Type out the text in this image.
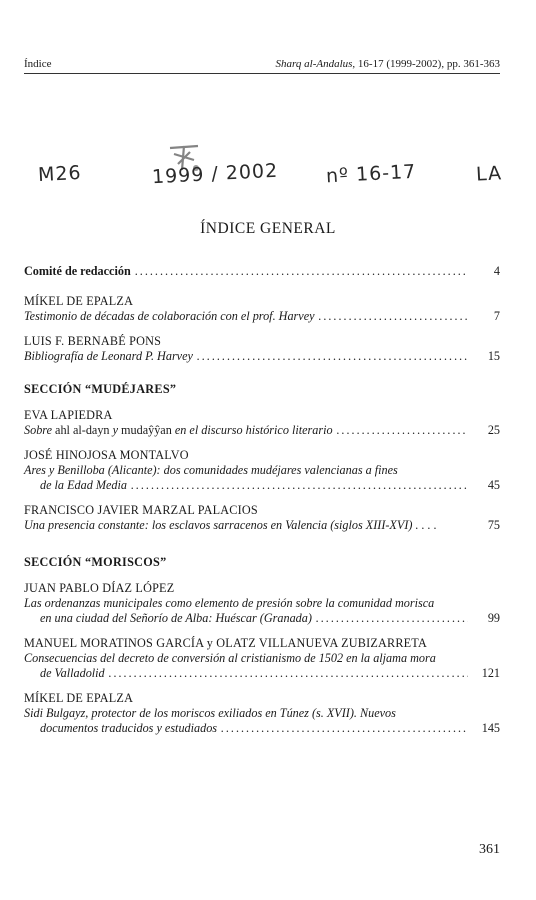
Índice	Sharq al-Andalus, 16-17 (1999-2002), pp. 361-363
M26	1999 / 2002 nº 16-17	LA
ÍNDICE GENERAL
Comité de redacción .....	4
MÍKEL DE EPALZA
Testimonio de décadas de colaboración con el prof. Harvey .....	7
LUIS F. BERNABÉ PONS
Bibliografía de Leonard P. Harvey .....	15
SECCIÓN “MUDÉJARES”
EVA LAPIEDRA
Sobre ahl al-dayn y mudaŷŷan en el discurso histórico literario .....	25
JOSÉ HINOJOSA MONTALVO
Ares y Benilloba (Alicante): dos comunidades mudéjares valencianas a fines
de la Edad Media .....	45
FRANCISCO JAVIER MARZAL PALACIOS
Una presencia constante: los esclavos sarracenos en Valencia (siglos XIII-XVI) . . . .	75
SECCIÓN “MORISCOS”
JUAN PABLO DÍAZ LÓPEZ
Las ordenanzas municipales como elemento de presión sobre la comunidad morisca
en una ciudad del Señorío de Alba: Huéscar (Granada) .....	99
MANUEL MORATINOS GARCÍA y OLATZ VILLANUEVA ZUBIZARRETA
Consecuencias del decreto de conversión al cristianismo de 1502 en la aljama mora
de Valladolid .....	121
MÍKEL DE EPALZA
Sidi Bulgayz, protector de los moriscos exiliados en Túnez (s. XVII). Nuevos
documentos traducidos y estudiados .....	145
361
